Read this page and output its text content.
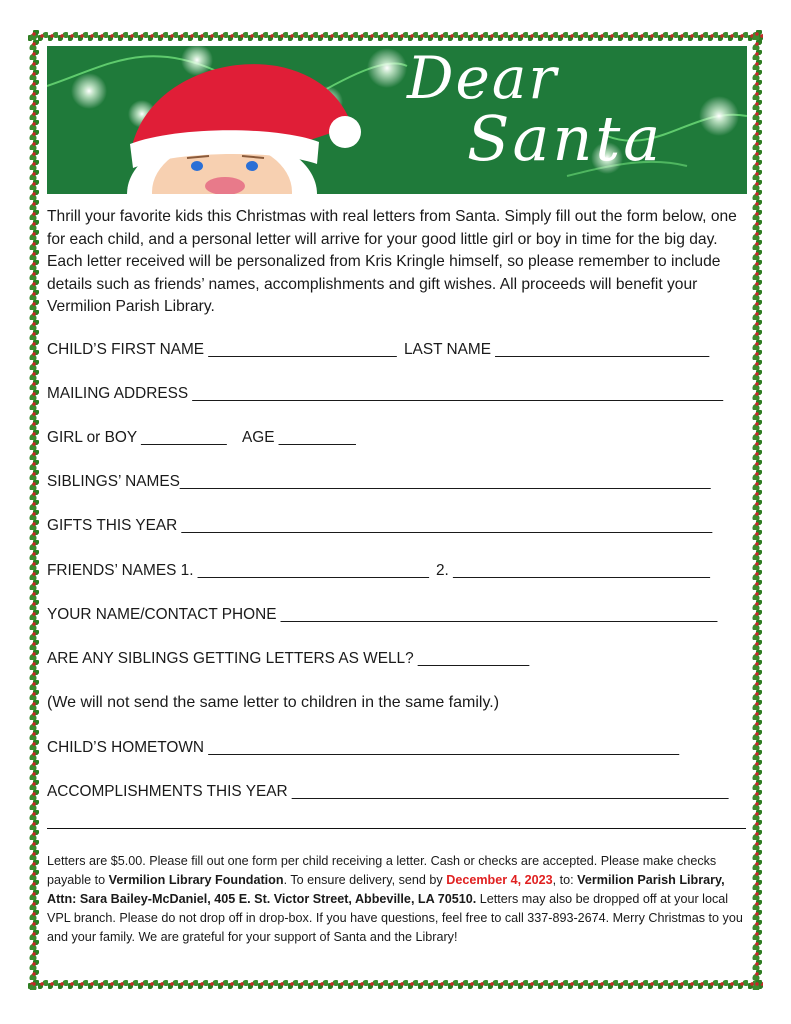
Dear
Santa
Thrill your favorite kids this Christmas with real letters from Santa. Simply fill out the form below, one for each child, and a personal letter will arrive for your good little girl or boy in time for the big day. Each letter received will be personalized from Kris Kringle himself, so please remember to include details such as friends’ names, accomplishments and gift wishes. All proceeds will benefit your Vermilion Parish Library.
CHILD’S FIRST NAME ______________________ LAST NAME _________________________
MAILING ADDRESS ______________________________________________________________
GIRL or BOY __________ AGE _________
SIBLINGS’ NAMES______________________________________________________________
GIFTS THIS YEAR ______________________________________________________________
FRIENDS’ NAMES 1. ___________________________ 2. ______________________________
YOUR NAME/CONTACT PHONE ___________________________________________________
ARE ANY SIBLINGS GETTING LETTERS AS WELL? _____________
(We will not send the same letter to children in the same family.)
CHILD’S HOMETOWN _______________________________________________________
ACCOMPLISHMENTS THIS YEAR ___________________________________________________
Letters are $5.00. Please fill out one form per child receiving a letter. Cash or checks are accepted. Please make checks payable to Vermilion Library Foundation. To ensure delivery, send by December 4, 2023, to: Vermilion Parish Library, Attn: Sara Bailey-McDaniel, 405 E. St. Victor Street, Abbeville, LA 70510. Letters may also be dropped off at your local VPL branch. Please do not drop off in drop-box. If you have questions, feel free to call 337-893-2674. Merry Christmas to you and your family. We are grateful for your support of Santa and the Library!
